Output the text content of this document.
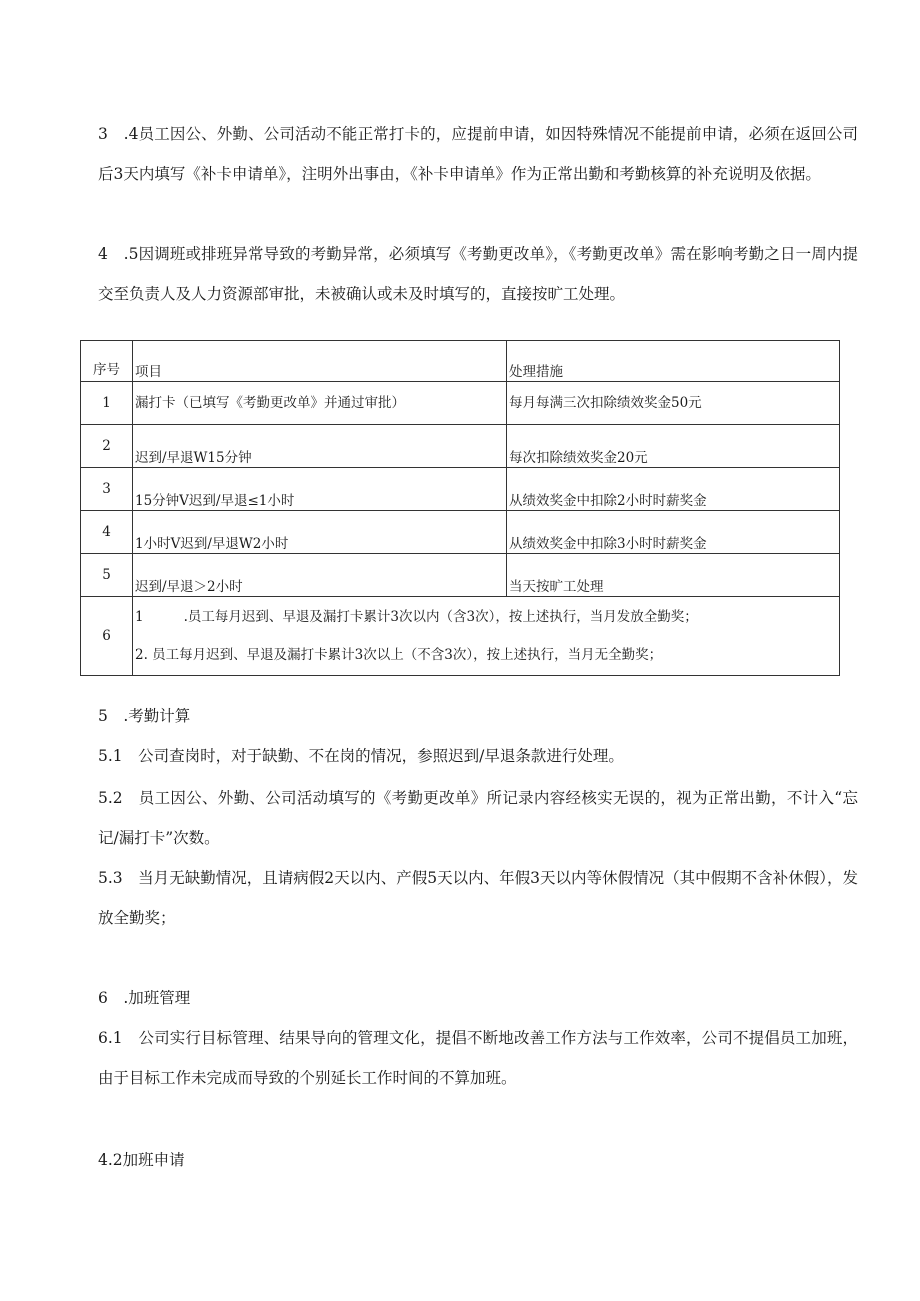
3　.4员工因公、外勤、公司活动不能正常打卡的，应提前申请，如因特殊情况不能提前申请，必须在返回公司后3天内填写《补卡申请单》，注明外出事由，《补卡申请单》作为正常出勤和考勤核算的补充说明及依据。

4　.5因调班或排班异常导致的考勤异常，必须填写《考勤更改单》，《考勤更改单》需在影响考勤之日一周内提交至负责人及人力资源部审批，未被确认或未及时填写的，直接按旷工处理。

序号	项目	处理措施
1	漏打卡（已填写《考勤更改单》并通过审批）	每月每满三次扣除绩效奖金50元
2	迟到/早退W15分钟	每次扣除绩效奖金20元
3	15分钟V迟到/早退≤1小时	从绩效奖金中扣除2小时时薪奖金
4	1小时V迟到/早退W2小时	从绩效奖金中扣除3小时时薪奖金
5	迟到/早退＞2小时	当天按旷工处理
6	1 .员工每月迟到、早退及漏打卡累计3次以内（含3次），按上述执行，当月发放全勤奖；
2. 员工每月迟到、早退及漏打卡累计3次以上（不含3次），按上述执行，当月无全勤奖；	

5　.考勤计算

5.1　公司查岗时，对于缺勤、不在岗的情况，参照迟到/早退条款进行处理。

5.2　员工因公、外勤、公司活动填写的《考勤更改单》所记录内容经核实无误的，视为正常出勤，不计入“忘记/漏打卡”次数。

5.3　当月无缺勤情况，且请病假2天以内、产假5天以内、年假3天以内等休假情况（其中假期不含补休假），发放全勤奖；

6　.加班管理

6.1　公司实行目标管理、结果导向的管理文化，提倡不断地改善工作方法与工作效率，公司不提倡员工加班，由于目标工作未完成而导致的个别延长工作时间的不算加班。

4.2加班申请
